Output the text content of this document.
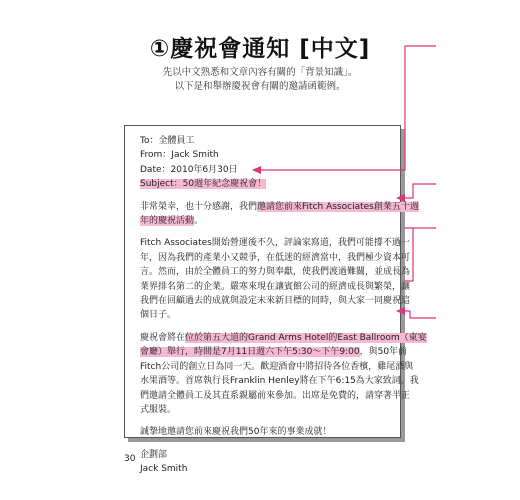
①慶祝會通知 [中文]
先以中文熟悉和文章內容有關的「背景知識」。
以下是和舉辦慶祝會有關的邀請函範例。
To：全體員工
From：Jack Smith
Date：2010年6月30日
Subject：50週年紀念慶祝會！
非常榮幸，也十分感謝，我們邀請您前來Fitch Associates創業五十週
年的慶祝活動。
Fitch Associates開始營運後不久，評論家寫道，我們可能撐不過一
年，因為我們的產業小又競爭，在低迷的經濟當中，我們極少資本可
言。然而，由於全體員工的努力與奉獻，使我們渡過難關，並成長為
業界排名第二的企業。嚴寒來現在讓賓館公司的經濟成長與繁榮，讓
我們在回顧過去的成就與設定未來新目標的同時，與大家一同慶祝這
個日子。
慶祝會將在位於第五大道的Grand Arms Hotel的East Ballroom（東宴
會廳）舉行，時間是7月11日週六下午5:30～下午9:00，與50年前
Fitch公司的創立日為同一天。歡迎酒會中將招待各位香檳，雞尾酒與
水果酒等。首席執行長Franklin Henley將在下午6:15為大家致詞。我
們邀請全體員工及其直系親屬前來參加。出席是免費的，請穿著半正
式服裝。
誠摯地邀請您前來慶祝我們50年來的事業成就！
企劃部
Jack Smith
30
